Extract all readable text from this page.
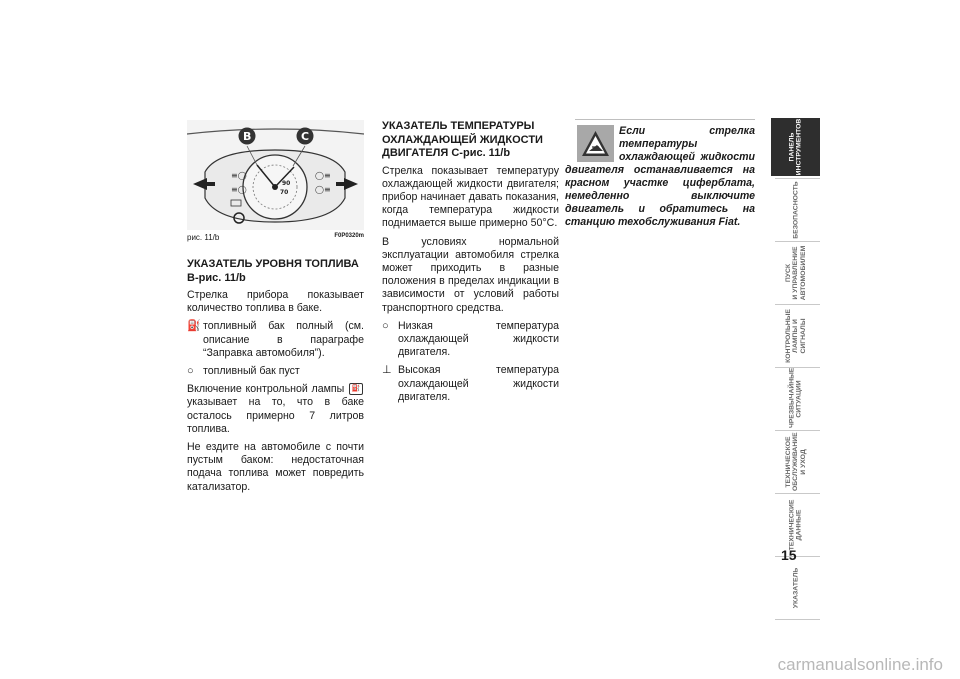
≡◯
≡◯
◯≡
◯≡
B	C
90
70
рис. 11/b	F0P0320m
УКАЗАТЕЛЬ УРОВНЯ ТОПЛИВА B-рис. 11/b

Стрелка прибора показывает количество топлива в баке.

⛽ топливный бак полный (см. описание в параграфе “Заправка автомобиля”).
○ топливный бак пуст

Включение контрольной лампы ⛽ указывает на то, что в баке осталось примерно 7 литров топлива.

Не ездите на автомобиле с почти пустым баком: недостаточная подача топлива может повредить катализатор.

УКАЗАТЕЛЬ ТЕМПЕРАТУРЫ ОХЛАЖДАЮЩЕЙ ЖИДКОСТИ ДВИГАТЕЛЯ C-рис. 11/b

Стрелка показывает температуру охлаждающей жидкости двигателя; прибор начинает давать показания, когда температура жидкости поднимается выше примерно 50°C.

В условиях нормальной эксплуатации автомобиля стрелка может приходить в разные положения в пределах индикации в зависимости от условий работы транспортного средства.

○ Низкая температура охлаждающей жидкости двигателя.
⊥ Высокая температура охлаждающей жидкости двигателя.
Если стрелка температуры охлаждающей жидкости двигателя останавливается на красном участке циферблата, немедленно выключите двигатель и обратитесь на станцию техобслуживания Fiat.
ПАНЕЛЬ
ИНСТРУМЕНТОВ
БЕЗОПАСНОСТЬ
ПУСК
И УПРАВЛЕНИЕ
АВТОМОБИЛЕМ
КОНТРОЛЬНЫЕ
ЛАМПЫ И
СИГНАЛЫ
ЧРЕЗВЫЧАЙНЫЕ
СИТУАЦИИ
ТЕХНИЧЕСКОЕ
ОБСЛУЖИВАНИЕ
И УХОД
ТЕХНИЧЕСКИЕ
ДАННЫЕ
УКАЗАТЕЛЬ
15
carmanualsonline.info
